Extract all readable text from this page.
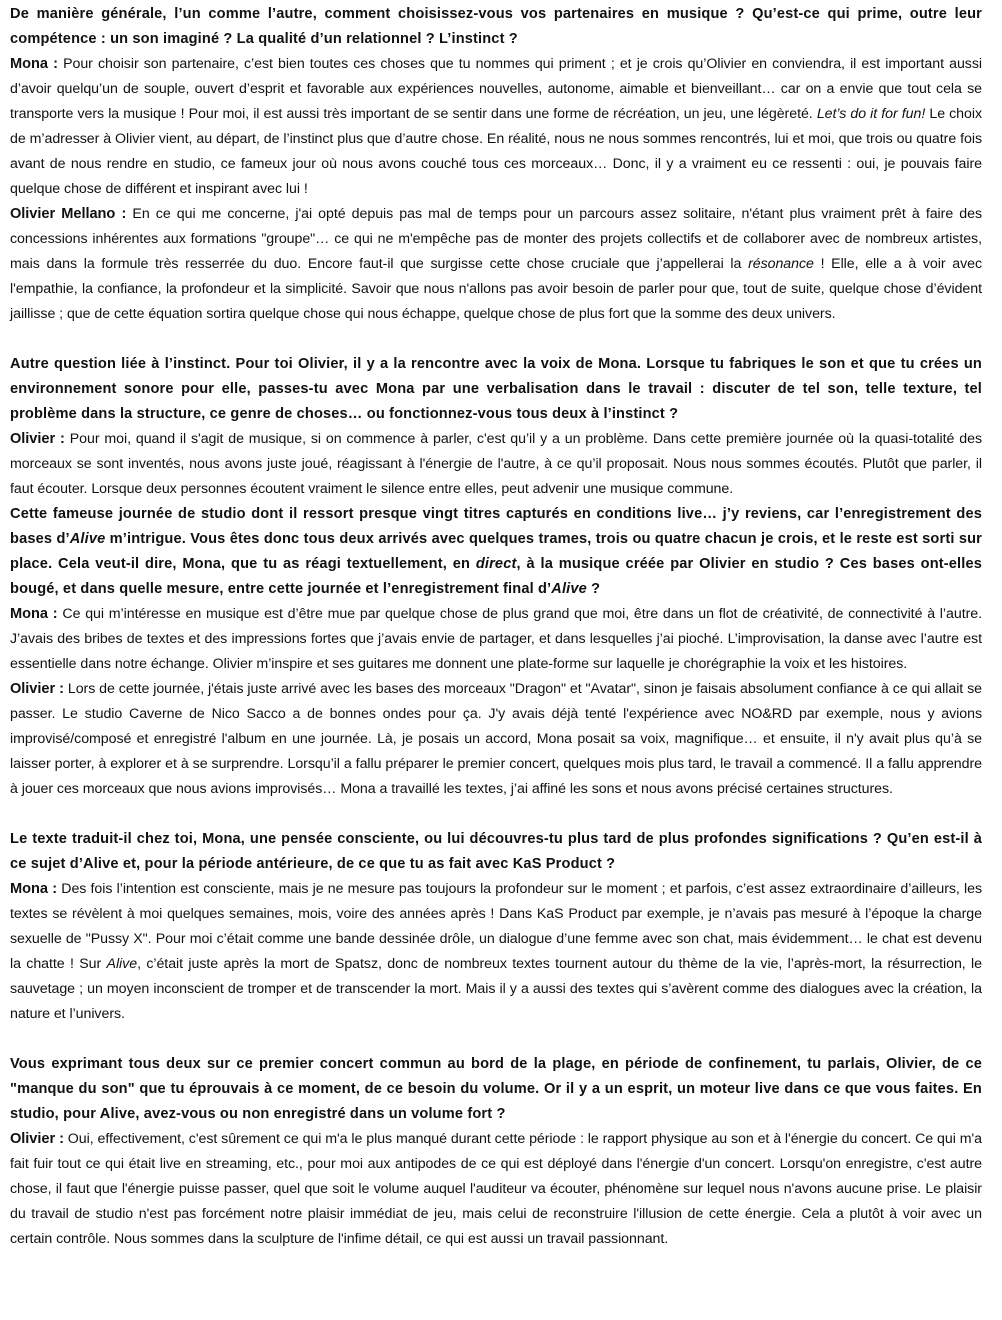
De manière générale, l’un comme l’autre, comment choisissez-vous vos partenaires en musique ? Qu’est-ce qui prime, outre leur compétence : un son imaginé ? La qualité d’un relationnel ? L’instinct ?

Mona : Pour choisir son partenaire, c’est bien toutes ces choses que tu nommes qui priment ; et je crois qu’Olivier en conviendra, il est important aussi d’avoir quelqu’un de souple, ouvert d’esprit et favorable aux expériences nouvelles, autonome, aimable et bienveillant… car on a envie que tout cela se transporte vers la musique ! Pour moi, il est aussi très important de se sentir dans une forme de récréation, un jeu, une légèreté. Let’s do it for fun! Le choix de m’adresser à Olivier vient, au départ, de l’instinct plus que d’autre chose. En réalité, nous ne nous sommes rencontrés, lui et moi, que trois ou quatre fois avant de nous rendre en studio, ce fameux jour où nous avons couché tous ces morceaux… Donc, il y a vraiment eu ce ressenti : oui, je pouvais faire quelque chose de différent et inspirant avec lui !

Olivier Mellano : En ce qui me concerne, j'ai opté depuis pas mal de temps pour un parcours assez solitaire, n'étant plus vraiment prêt à faire des concessions inhérentes aux formations "groupe"… ce qui ne m'empêche pas de monter des projets collectifs et de collaborer avec de nombreux artistes, mais dans la formule très resserrée du duo. Encore faut-il que surgisse cette chose cruciale que j’appellerai la résonance ! Elle, elle a à voir avec l'empathie, la confiance, la profondeur et la simplicité. Savoir que nous n'allons pas avoir besoin de parler pour que, tout de suite, quelque chose d’évident jaillisse ; que de cette équation sortira quelque chose qui nous échappe, quelque chose de plus fort que la somme des deux univers.

Autre question liée à l’instinct. Pour toi Olivier, il y a la rencontre avec la voix de Mona. Lorsque tu fabriques le son et que tu crées un environnement sonore pour elle, passes-tu avec Mona par une verbalisation dans le travail : discuter de tel son, telle texture, tel problème dans la structure, ce genre de choses… ou fonctionnez-vous tous deux à l’instinct ?

Olivier : Pour moi, quand il s'agit de musique, si on commence à parler, c'est qu’il y a un problème. Dans cette première journée où la quasi-totalité des morceaux se sont inventés, nous avons juste joué, réagissant à l'énergie de l'autre, à ce qu’il proposait. Nous nous sommes écoutés. Plutôt que parler, il faut écouter. Lorsque deux personnes écoutent vraiment le silence entre elles, peut advenir une musique commune.

Cette fameuse journée de studio dont il ressort presque vingt titres capturés en conditions live… j’y reviens, car l’enregistrement des bases d’Alive m’intrigue. Vous êtes donc tous deux arrivés avec quelques trames, trois ou quatre chacun je crois, et le reste est sorti sur place. Cela veut-il dire, Mona, que tu as réagi textuellement, en direct, à la musique créée par Olivier en studio ? Ces bases ont-elles bougé, et dans quelle mesure, entre cette journée et l’enregistrement final d’Alive ?

Mona : Ce qui m’intéresse en musique est d’être mue par quelque chose de plus grand que moi, être dans un flot de créativité, de connectivité à l’autre. J’avais des bribes de textes et des impressions fortes que j’avais envie de partager, et dans lesquelles j’ai pioché. L’improvisation, la danse avec l’autre est essentielle dans notre échange. Olivier m’inspire et ses guitares me donnent une plate-forme sur laquelle je chorégraphie la voix et les histoires.

Olivier : Lors de cette journée, j'étais juste arrivé avec les bases des morceaux "Dragon" et "Avatar", sinon je faisais absolument confiance à ce qui allait se passer. Le studio Caverne de Nico Sacco a de bonnes ondes pour ça. J'y avais déjà tenté l'expérience avec NO&RD par exemple, nous y avions improvisé/composé et enregistré l'album en une journée. Là, je posais un accord, Mona posait sa voix, magnifique… et ensuite, il n'y avait plus qu’à se laisser porter, à explorer et à se surprendre. Lorsqu’il a fallu préparer le premier concert, quelques mois plus tard, le travail a commencé. Il a fallu apprendre à jouer ces morceaux que nous avions improvisés… Mona a travaillé les textes, j’ai affiné les sons et nous avons précisé certaines structures.

Le texte traduit-il chez toi, Mona, une pensée consciente, ou lui découvres-tu plus tard de plus profondes significations ? Qu’en est-il à ce sujet d’Alive et, pour la période antérieure, de ce que tu as fait avec KaS Product ?

Mona : Des fois l’intention est consciente, mais je ne mesure pas toujours la profondeur sur le moment ; et parfois, c’est assez extraordinaire d’ailleurs, les textes se révèlent à moi quelques semaines, mois, voire des années après ! Dans KaS Product par exemple, je n’avais pas mesuré à l’époque la charge sexuelle de "Pussy X". Pour moi c’était comme une bande dessinée drôle, un dialogue d’une femme avec son chat, mais évidemment… le chat est devenu la chatte ! Sur Alive, c’était juste après la mort de Spatsz, donc de nombreux textes tournent autour du thème de la vie, l’après-mort, la résurrection, le sauvetage ; un moyen inconscient de tromper et de transcender la mort. Mais il y a aussi des textes qui s’avèrent comme des dialogues avec la création, la nature et l’univers.

Vous exprimant tous deux sur ce premier concert commun au bord de la plage, en période de confinement, tu parlais, Olivier, de ce "manque du son" que tu éprouvais à ce moment, de ce besoin du volume. Or il y a un esprit, un moteur live dans ce que vous faites. En studio, pour Alive, avez-vous ou non enregistré dans un volume fort ?

Olivier : Oui, effectivement, c'est sûrement ce qui m'a le plus manqué durant cette période : le rapport physique au son et à l'énergie du concert. Ce qui m'a fait fuir tout ce qui était live en streaming, etc., pour moi aux antipodes de ce qui est déployé dans l'énergie d'un concert. Lorsqu'on enregistre, c'est autre chose, il faut que l'énergie puisse passer, quel que soit le volume auquel l'auditeur va écouter, phénomène sur lequel nous n'avons aucune prise. Le plaisir du travail de studio n'est pas forcément notre plaisir immédiat de jeu, mais celui de reconstruire l'illusion de cette énergie. Cela a plutôt à voir avec un certain contrôle. Nous sommes dans la sculpture de l'infime détail, ce qui est aussi un travail passionnant.
